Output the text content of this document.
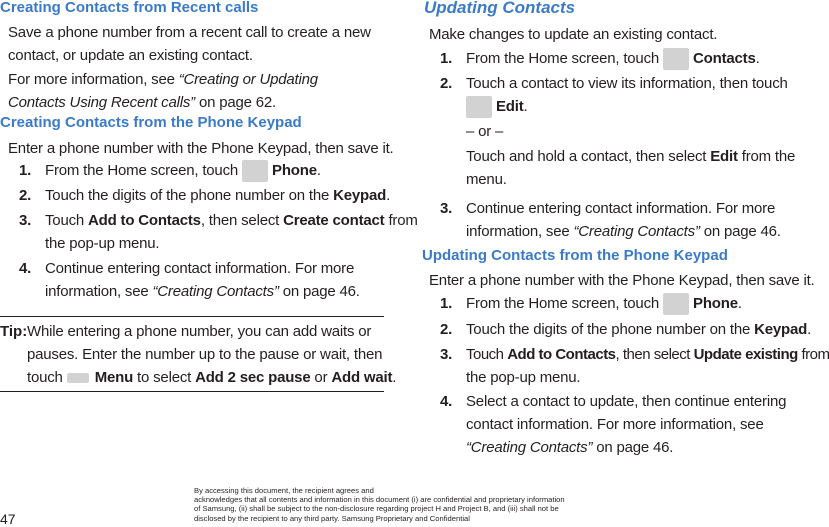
Creating Contacts from Recent calls
Save a phone number from a recent call to create a new contact, or update an existing contact.
For more information, see “Creating or Updating Contacts Using Recent calls” on page 62.
Creating Contacts from the Phone Keypad
Enter a phone number with the Phone Keypad, then save it.
1. From the Home screen, touch Phone.
2. Touch the digits of the phone number on the Keypad.
3. Touch Add to Contacts, then select Create contact from
the pop-up menu.
4. Continue entering contact information. For more
information, see “Creating Contacts” on page 46.
Tip: While entering a phone number, you can add waits or
pauses. Enter the number up to the pause or wait, then
touch Menu to select Add 2 sec pause or Add wait.
Updating Contacts
Make changes to update an existing contact.
1. From the Home screen, touch Contacts.
2. Touch a contact to view its information, then touch
Edit.
– or –
Touch and hold a contact, then select Edit from the
menu.
3. Continue entering contact information. For more
information, see “Creating Contacts” on page 46.
Updating Contacts from the Phone Keypad
Enter a phone number with the Phone Keypad, then save it.
1. From the Home screen, touch Phone.
2. Touch the digits of the phone number on the Keypad.
3. Touch Add to Contacts, then select Update existing from
the pop-up menu.
4. Select a contact to update, then continue entering
contact information. For more information, see
“Creating Contacts” on page 46.
47
By accessing this document, the recipient agrees and
acknowledges that all contents and information in this document (i) are confidential and proprietary information
of Samsung, (ii) shall be subject to the non-disclosure regarding project H and Project B, and (iii) shall not be
disclosed by the recipient to any third party. Samsung Proprietary and Confidential
